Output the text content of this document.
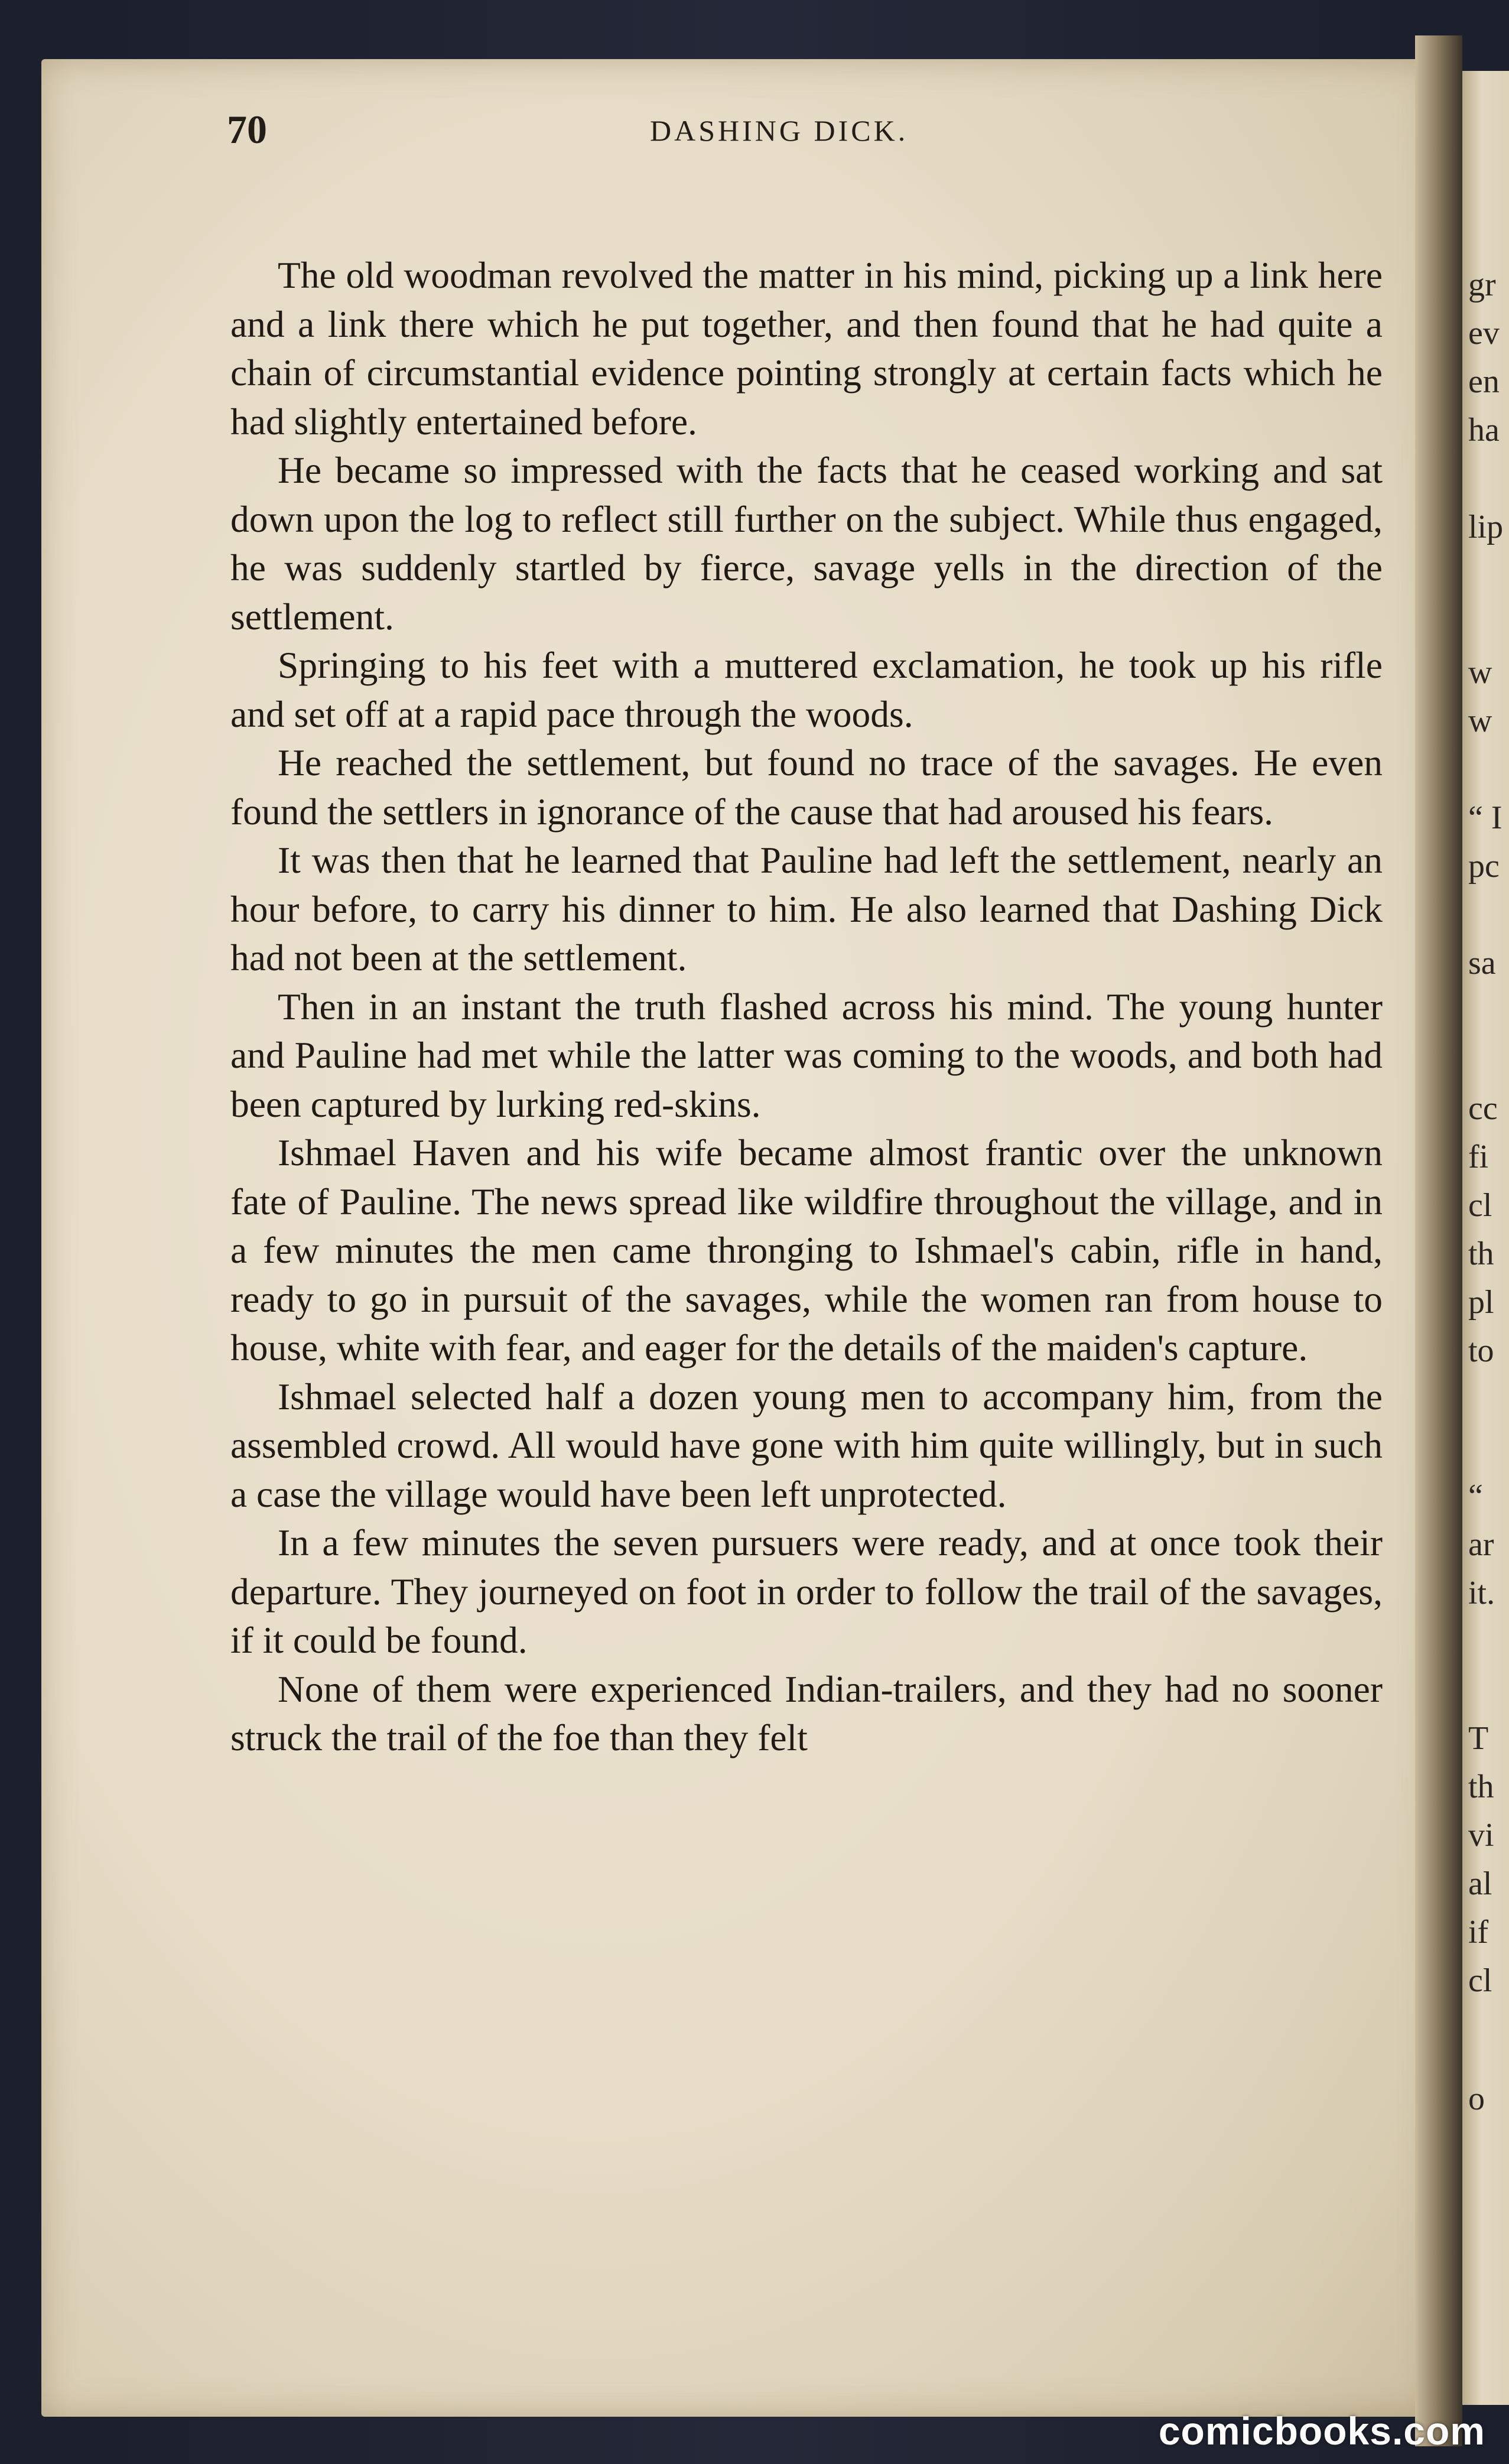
gr
ev
en
ha
lip
w
w
“ I
pc
sa
cc
fi
cl
th
pl
to
“
ar
it.
T
th
vi
al
if
cl
o
70	DASHING DICK.

The old woodman revolved the matter in his mind, picking up a link here and a link there which he put together, and then found that he had quite a chain of circumstantial evidence pointing strongly at certain facts which he had slightly entertained before.

He became so impressed with the facts that he ceased working and sat down upon the log to reflect still further on the subject. While thus engaged, he was suddenly startled by fierce, savage yells in the direction of the settlement.

Springing to his feet with a muttered exclamation, he took up his rifle and set off at a rapid pace through the woods.

He reached the settlement, but found no trace of the savages. He even found the settlers in ignorance of the cause that had aroused his fears.

It was then that he learned that Pauline had left the settlement, nearly an hour before, to carry his dinner to him. He also learned that Dashing Dick had not been at the settlement.

Then in an instant the truth flashed across his mind. The young hunter and Pauline had met while the latter was coming to the woods, and both had been captured by lurking red-skins.

Ishmael Haven and his wife became almost frantic over the unknown fate of Pauline. The news spread like wildfire throughout the village, and in a few minutes the men came thronging to Ishmael's cabin, rifle in hand, ready to go in pursuit of the savages, while the women ran from house to house, white with fear, and eager for the details of the maiden's capture.

Ishmael selected half a dozen young men to accompany him, from the assembled crowd. All would have gone with him quite willingly, but in such a case the village would have been left unprotected.

In a few minutes the seven pursuers were ready, and at once took their departure. They journeyed on foot in order to follow the trail of the savages, if it could be found.

None of them were experienced Indian-trailers, and they had no sooner struck the trail of the foe than they felt

comicbooks.com
